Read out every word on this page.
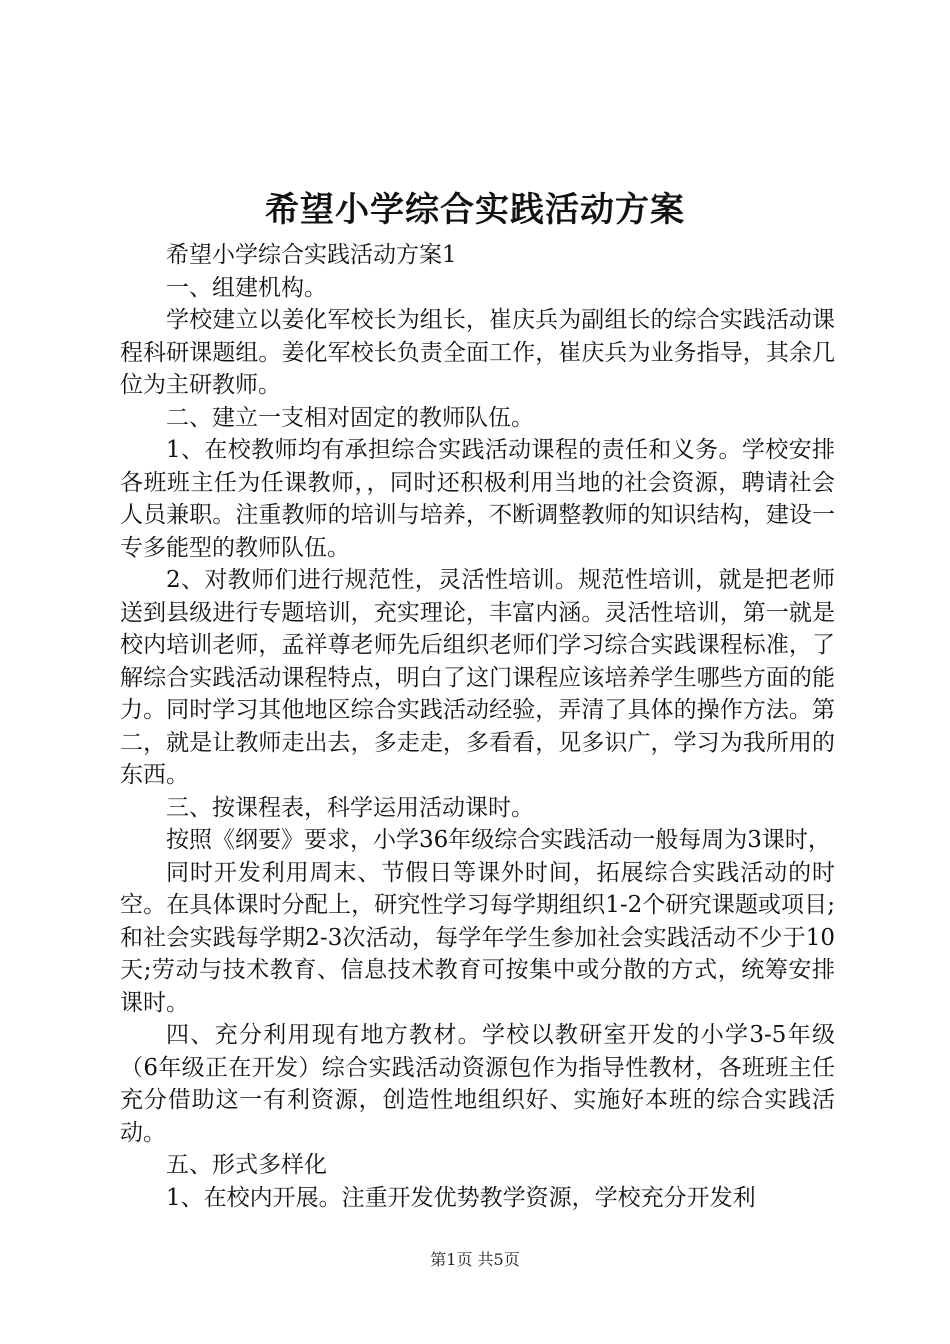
希望小学综合实践活动方案

希望小学综合实践活动方案1

一、组建机构。

学校建立以姜化军校长为组长，崔庆兵为副组长的综合实践活动课程科研课题组。姜化军校长负责全面工作，崔庆兵为业务指导，其余几位为主研教师。

二、建立一支相对固定的教师队伍。

1、在校教师均有承担综合实践活动课程的责任和义务。学校安排各班班主任为任课教师，，同时还积极利用当地的社会资源，聘请社会人员兼职。注重教师的培训与培养，不断调整教师的知识结构，建设一专多能型的教师队伍。

2、对教师们进行规范性，灵活性培训。规范性培训，就是把老师送到县级进行专题培训，充实理论，丰富内涵。灵活性培训，第一就是校内培训老师，孟祥尊老师先后组织老师们学习综合实践课程标准，了解综合实践活动课程特点，明白了这门课程应该培养学生哪些方面的能力。同时学习其他地区综合实践活动经验，弄清了具体的操作方法。第二，就是让教师走出去，多走走，多看看，见多识广，学习为我所用的东西。

三、按课程表，科学运用活动课时。

按照《纲要》要求，小学36年级综合实践活动一般每周为3课时，

同时开发利用周末、节假日等课外时间，拓展综合实践活动的时空。在具体课时分配上，研究性学习每学期组织1-2个研究课题或项目;和社会实践每学期2-3次活动，每学年学生参加社会实践活动不少于10天;劳动与技术教育、信息技术教育可按集中或分散的方式，统筹安排课时。

四、充分利用现有地方教材。学校以教研室开发的小学3-5年级（6年级正在开发）综合实践活动资源包作为指导性教材，各班班主任充分借助这一有利资源，创造性地组织好、实施好本班的综合实践活动。

五、形式多样化

1、在校内开展。注重开发优势教学资源，学校充分开发利

第1页 共5页
